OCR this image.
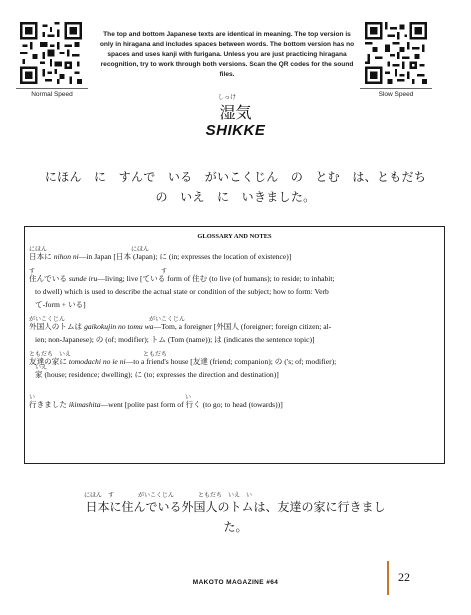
Normal Speed	Slow Speed
The top and bottom Japanese texts are identical in meaning. The top version is only in hiragana and includes spaces between words. The bottom version has no spaces and uses kanji with furigana. Unless you are just practicing hiragana recognition, try to work through both versions. Scan the QR codes for the sound files.
しっけ
湿気
SHIKKE
にほん　に　すんで　いる　がいこくじん　の　とむ　は、ともだち
の　いえ　に　いきました。
GLOSSARY AND NOTES
にほん　　　　　　　　　　　　　　にほん
日本に nihon ni—in Japan [日本 (Japan); に (in; expresses the location of existence)]
す　　　　　　　　　　　　　　　　　　　　　す
住んでいる sunde iru—living; live [ている form of 住む (to live (of humans); to reside; to inhabit;
to dwell) which is used to describe the actual state or condition of the subject; how to form: Verb
て-form + いる]
がいこくじん　　　　　　　　　　　　　　がいこくじん
外国人のトムは gaikokujin no tomu wa—Tom, a foreigner [外国人 (foreigner; foreign citizen; al-
ien; non-Japanese); の (of; modifier); トム (Tom (name)); は (indicates the sentence topic)]
ともだち　いえ　　　　　　　　　　　　ともだち
いえ
友達の家に tomodachi no ie ni—to a friend's house [友達 (friend; companion); の ('s; of; modifier);
家 (house; residence; dwelling); に (to; expresses the direction and destination)]
い　　　　　　　　　　　　　　　　　　　　　　　　　い
行きました ikimashita—went [polite past form of 行く (to go; to head (towards))]
にほん　す　　　　がいこくじん　　　　ともだち　いえ　い
日本に住んでいる外国人のトムは、友達の家に行きまし
た。
MAKOTO MAGAZINE #64	22
